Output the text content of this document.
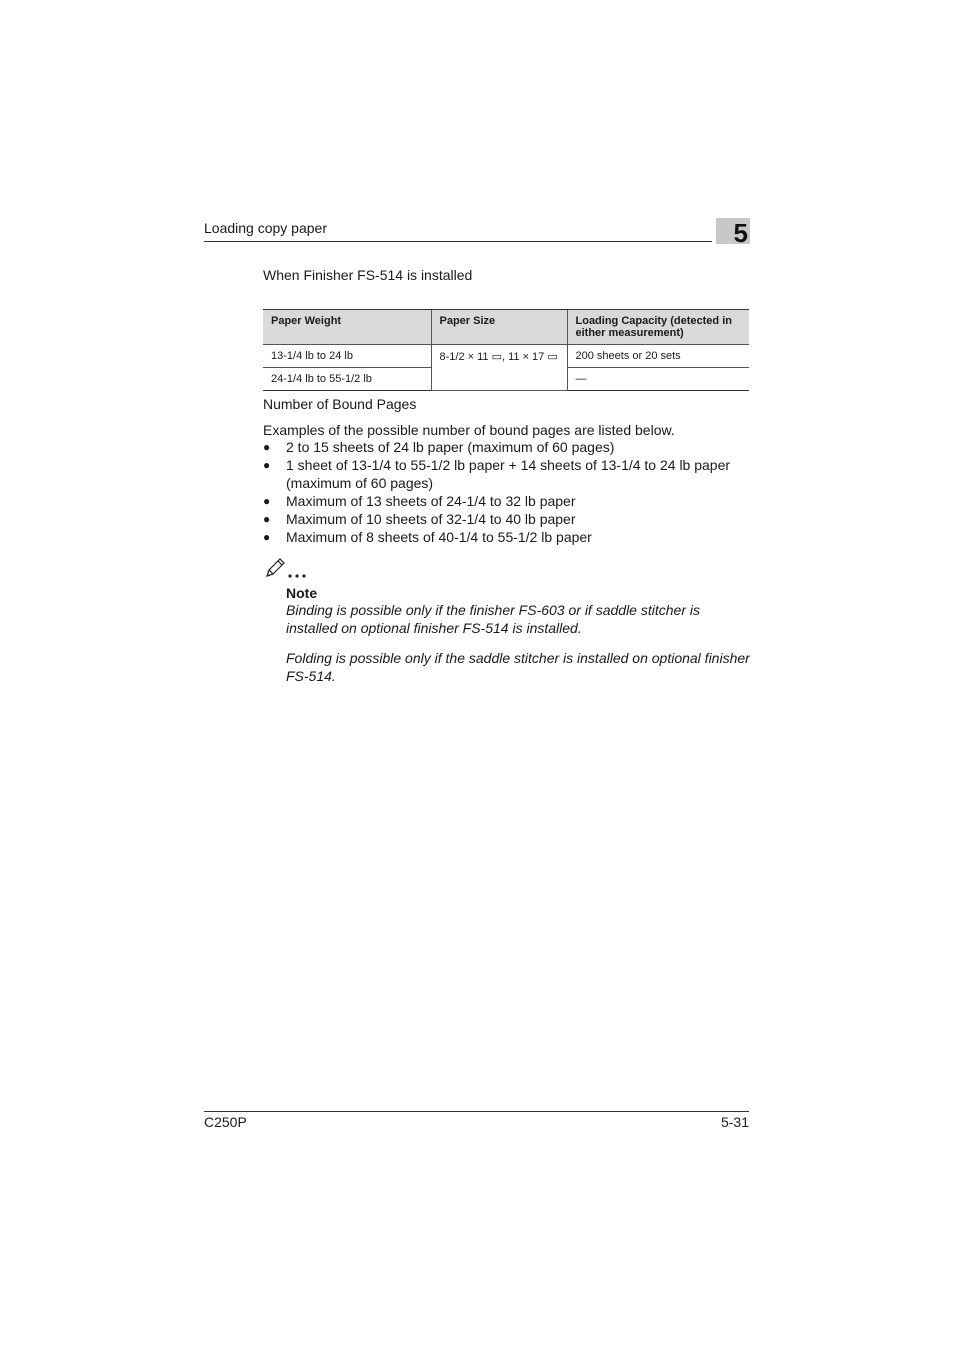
Loading copy paper	5
When Finisher FS-514 is installed
Paper Weight	Paper Size	Loading Capacity (detected in either measurement)
13-1/4 lb to 24 lb	8-1/2 × 11 ▭, 11 × 17 ▭	200 sheets or 20 sets
24-1/4 lb to 55-1/2 lb		—
Number of Bound Pages
Examples of the possible number of bound pages are listed below.
● 2 to 15 sheets of 24 lb paper (maximum of 60 pages)
● 1 sheet of 13-1/4 to 55-1/2 lb paper + 14 sheets of 13-1/4 to 24 lb paper (maximum of 60 pages)
● Maximum of 13 sheets of 24-1/4 to 32 lb paper
● Maximum of 10 sheets of 32-1/4 to 40 lb paper
● Maximum of 8 sheets of 40-1/4 to 55-1/2 lb paper
Note
Binding is possible only if the finisher FS-603 or if saddle stitcher is installed on optional finisher FS-514 is installed.
Folding is possible only if the saddle stitcher is installed on optional finisher FS-514.
C250P	5-31
